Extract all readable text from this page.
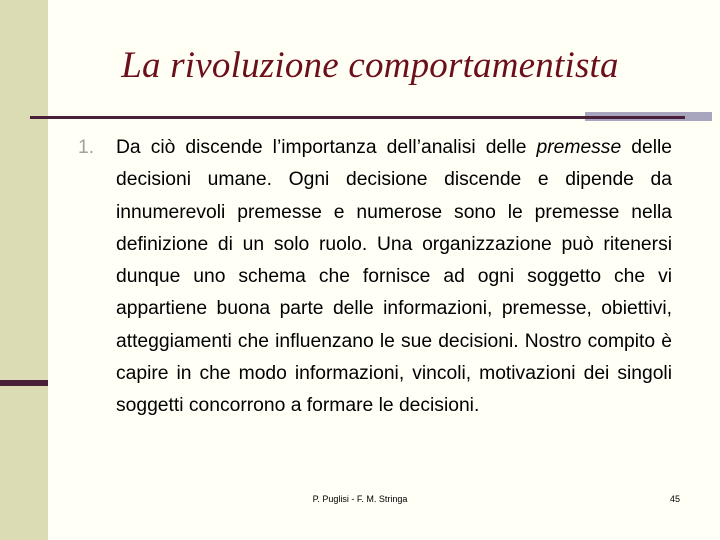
La rivoluzione comportamentista
1.	Da ciò discende l’importanza dell’analisi delle premesse delle decisioni umane. Ogni decisione discende e dipende da innumerevoli premesse e numerose sono le premesse nella definizione di un solo ruolo. Una organizzazione può ritenersi dunque uno schema che fornisce ad ogni soggetto che vi appartiene buona parte delle informazioni, premesse, obiettivi, atteggiamenti che influenzano le sue decisioni. Nostro compito è capire in che modo informazioni, vincoli, motivazioni dei singoli soggetti concorrono a formare le decisioni.
P. Puglisi - F. M. Stringa	45
